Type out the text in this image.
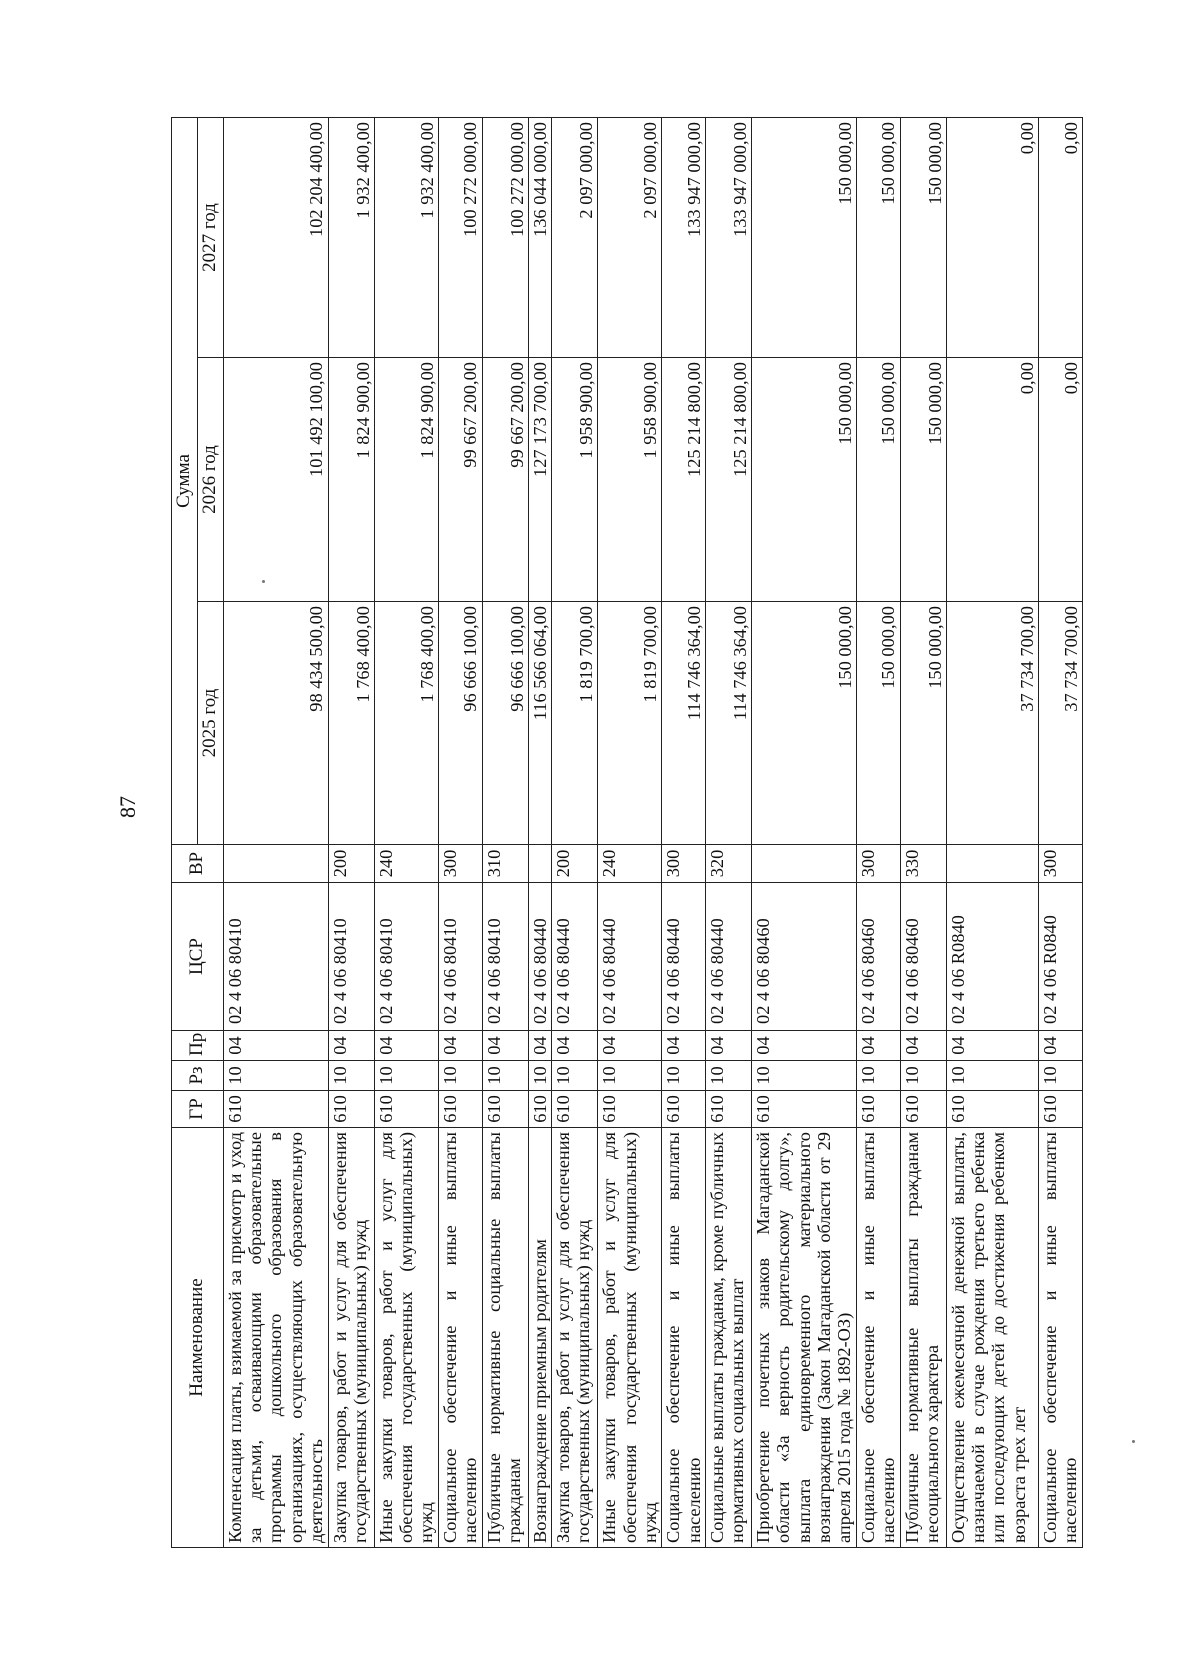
87
Наименование	ГР	Рз	Пр	ЦСР	ВР	Сумма		
						2025 год	2026 год	2027 год

Компенсация платы, взимаемой за присмотр и уход за детьми, осваивающими образовательные программы дошкольного образования в организациях, осуществляющих образовательную деятельность	610	10	04	02 4 06 80410		98 434 500,00	101 492 100,00	102 204 400,00

Закупка товаров, работ и услуг для обеспечения государственных (муниципальных) нужд	610	10	04	02 4 06 80410	200	1 768 400,00	1 824 900,00	1 932 400,00

Иные закупки товаров, работ и услуг для обеспечения государственных (муниципальных) нужд	610	10	04	02 4 06 80410	240	1 768 400,00	1 824 900,00	1 932 400,00

Социальное обеспечение и иные выплаты населению	610	10	04	02 4 06 80410	300	96 666 100,00	99 667 200,00	100 272 000,00

Публичные нормативные социальные выплаты гражданам	610	10	04	02 4 06 80410	310	96 666 100,00	99 667 200,00	100 272 000,00

Вознаграждение приемным родителям	610	10	04	02 4 06 80440		116 566 064,00	127 173 700,00	136 044 000,00

Закупка товаров, работ и услуг для обеспечения государственных (муниципальных) нужд	610	10	04	02 4 06 80440	200	1 819 700,00	1 958 900,00	2 097 000,00

Иные закупки товаров, работ и услуг для обеспечения государственных (муниципальных) нужд	610	10	04	02 4 06 80440	240	1 819 700,00	1 958 900,00	2 097 000,00

Социальное обеспечение и иные выплаты населению	610	10	04	02 4 06 80440	300	114 746 364,00	125 214 800,00	133 947 000,00

Социальные выплаты гражданам, кроме публичных нормативных социальных выплат	610	10	04	02 4 06 80440	320	114 746 364,00	125 214 800,00	133 947 000,00

Приобретение почетных знаков Магаданской области «За верность родительскому долгу», выплата единовременного материального вознаграждения (Закон Магаданской области от 29 апреля 2015 года № 1892-ОЗ)	610	10	04	02 4 06 80460		150 000,00	150 000,00	150 000,00

Социальное обеспечение и иные выплаты населению	610	10	04	02 4 06 80460	300	150 000,00	150 000,00	150 000,00

Публичные нормативные выплаты гражданам несоциального характера	610	10	04	02 4 06 80460	330	150 000,00	150 000,00	150 000,00

Осуществление ежемесячной денежной выплаты, назначаемой в случае рождения третьего ребенка или последующих детей до достижения ребенком возраста трех лет	610	10	04	02 4 06 R0840		37 734 700,00	0,00	0,00

Социальное обеспечение и иные выплаты населению	610	10	04	02 4 06 R0840	300	37 734 700,00	0,00	0,00
